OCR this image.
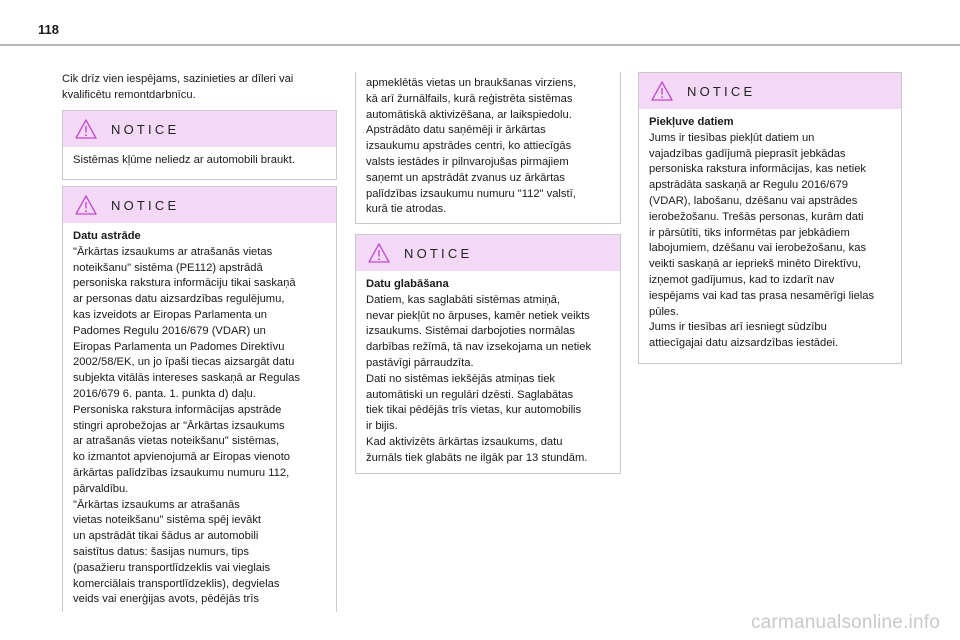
118

Cik drīz vien iespējams, sazinieties ar dīleri vai
kvalificētu remontdarbnīcu.

NOTICE

Sistēmas kļūme neliedz ar automobili braukt.

NOTICE

Datu astrāde

"Ārkārtas izsaukums ar atrašanās vietas
noteikšanu" sistēma (PE112) apstrādā
personiska rakstura informāciju tikai saskaņā
ar personas datu aizsardzības regulējumu,
kas izveidots ar Eiropas Parlamenta un
Padomes Regulu 2016/679 (VDAR) un
Eiropas Parlamenta un Padomes Direktīvu
2002/58/EK, un jo īpaši tiecas aizsargāt datu
subjekta vitālās intereses saskaņā ar Regulas
2016/679 6. panta. 1. punkta d) daļu.
Personiska rakstura informācijas apstrāde
stingri aprobežojas ar "Ārkārtas izsaukums
ar atrašanās vietas noteikšanu" sistēmas,
ko izmantot apvienojumā ar Eiropas vienoto
ārkārtas palīdzības izsaukumu numuru 112,
pārvaldību.
"Ārkārtas izsaukums ar atrašanās
vietas noteikšanu" sistēma spēj ievākt
un apstrādāt tikai šādus ar automobili
saistītus datus: šasijas numurs, tips
(pasažieru transportlīdzeklis vai vieglais
komerciālais transportlīdzeklis), degvielas
veids vai enerģijas avots, pēdējās trīs

apmeklētās vietas un braukšanas virziens,
kā arī žurnālfails, kurā reģistrēta sistēmas
automātiskā aktivizēšana, ar laikspiedolu.
Apstrādāto datu saņēmēji ir ārkārtas
izsaukumu apstrādes centri, ko attiecīgās
valsts iestādes ir pilnvarojušas pirmajiem
saņemt un apstrādāt zvanus uz ārkārtas
palīdzības izsaukumu numuru "112" valstī,
kurā tie atrodas.

NOTICE

Datu glabāšana

Datiem, kas saglabāti sistēmas atmiņā,
nevar piekļūt no ārpuses, kamēr netiek veikts
izsaukums. Sistēmai darbojoties normālas
darbības režīmā, tā nav izsekojama un netiek
pastāvīgi pārraudzīta.
Dati no sistēmas iekšējās atmiņas tiek
automātiski un regulāri dzēsti. Saglabātas
tiek tikai pēdējās trīs vietas, kur automobilis
ir bijis.
Kad aktivizēts ārkārtas izsaukums, datu
žurnāls tiek glabāts ne ilgāk par 13 stundām.

NOTICE

Piekļuve datiem

Jums ir tiesības piekļūt datiem un
vajadzības gadījumā pieprasīt jebkādas
personiska rakstura informācijas, kas netiek
apstrādāta saskaņā ar Regulu 2016/679
(VDAR), labošanu, dzēšanu vai apstrādes
ierobežošanu. Trešās personas, kurām dati
ir pārsūtīti, tiks informētas par jebkādiem
labojumiem, dzēšanu vai ierobežošanu, kas
veikti saskaņā ar iepriekš minēto Direktīvu,
izņemot gadījumus, kad to izdarīt nav
iespējams vai kad tas prasa nesamērīgi lielas
pūles.
Jums ir tiesības arī iesniegt sūdzību
attiecīgajai datu aizsardzības iestādei.

carmanualsonline.info
